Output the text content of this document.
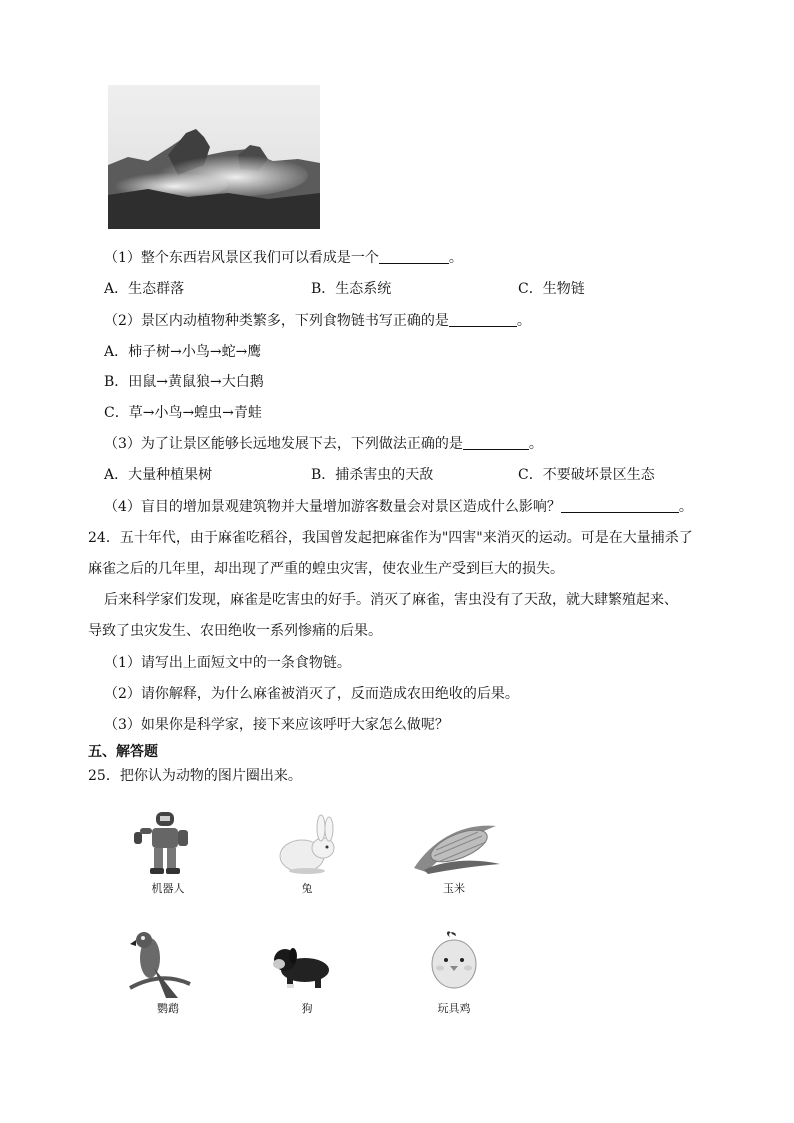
（1）整个东西岩风景区我们可以看成是一个	。
A．生态群落	B．生态系统	C．生物链
（2）景区内动植物种类繁多，下列食物链书写正确的是	。
A．柿子树→小鸟→蛇→鹰
B．田鼠→黄鼠狼→大白鹅
C．草→小鸟→蝗虫→青蛙
（3）为了让景区能够长远地发展下去，下列做法正确的是	。
A．大量种植果树	B．捕杀害虫的天敌	C．不要破坏景区生态
（4）盲目的增加景观建筑物并大量增加游客数量会对景区造成什么影响？	。
24．五十年代，由于麻雀吃稻谷，我国曾发起把麻雀作为"四害"来消灭的运动。可是在大量捕杀了
麻雀之后的几年里，却出现了严重的蝗虫灾害，使农业生产受到巨大的损失。
后来科学家们发现，麻雀是吃害虫的好手。消灭了麻雀，害虫没有了天敌，就大肆繁殖起来、
导致了虫灾发生、农田绝收一系列惨痛的后果。
（1）请写出上面短文中的一条食物链。
（2）请你解释，为什么麻雀被消灭了，反而造成农田绝收的后果。
（3）如果你是科学家，接下来应该呼吁大家怎么做呢？
五、解答题
25．把你认为动物的图片圈出来。
机器人	兔	玉米
鹦鹉	狗	玩具鸡
